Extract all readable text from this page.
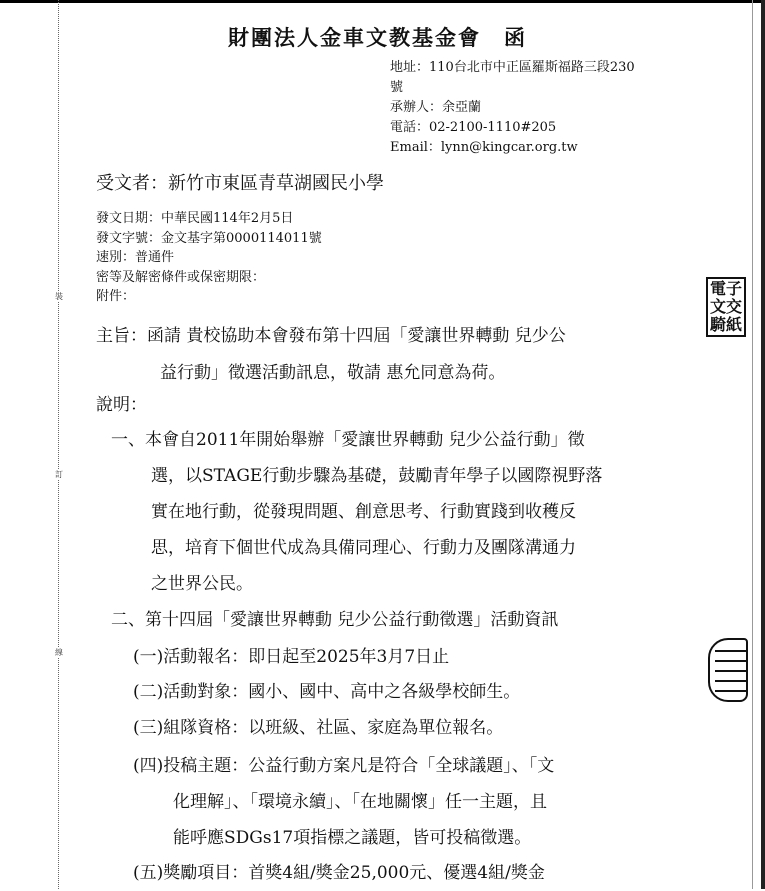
裝
訂
線
財團法人金車文教基金會　函
地址：110台北市中正區羅斯福路三段230
號
承辦人：余亞蘭
電話：02-2100-1110#205
Email：lynn@kingcar.org.tw
受文者：新竹市東區青草湖國民小學
發文日期：中華民國114年2月5日
發文字號：金文基字第0000114011號
速別：普通件
密等及解密條件或保密期限：
附件：	電子
文交
騎紙
主旨：函請 貴校協助本會發布第十四屆「愛讓世界轉動 兒少公
益行動」徵選活動訊息，敬請 惠允同意為荷。
說明：
一、本會自2011年開始舉辦「愛讓世界轉動 兒少公益行動」徵
選，以STAGE行動步驟為基礎，鼓勵青年學子以國際視野落
實在地行動，從發現問題、創意思考、行動實踐到收穫反
思，培育下個世代成為具備同理心、行動力及團隊溝通力
之世界公民。
二、第十四屆「愛讓世界轉動 兒少公益行動徵選」活動資訊
(一)活動報名：即日起至2025年3月7日止
(二)活動對象：國小、國中、高中之各級學校師生。
(三)組隊資格：以班級、社區、家庭為單位報名。
(四)投稿主題：公益行動方案凡是符合「全球議題」、「文
化理解」、「環境永續」、「在地關懷」任一主題，且
能呼應SDGs17項指標之議題，皆可投稿徵選。
(五)獎勵項目：首獎4組/獎金25,000元、優選4組/獎金
